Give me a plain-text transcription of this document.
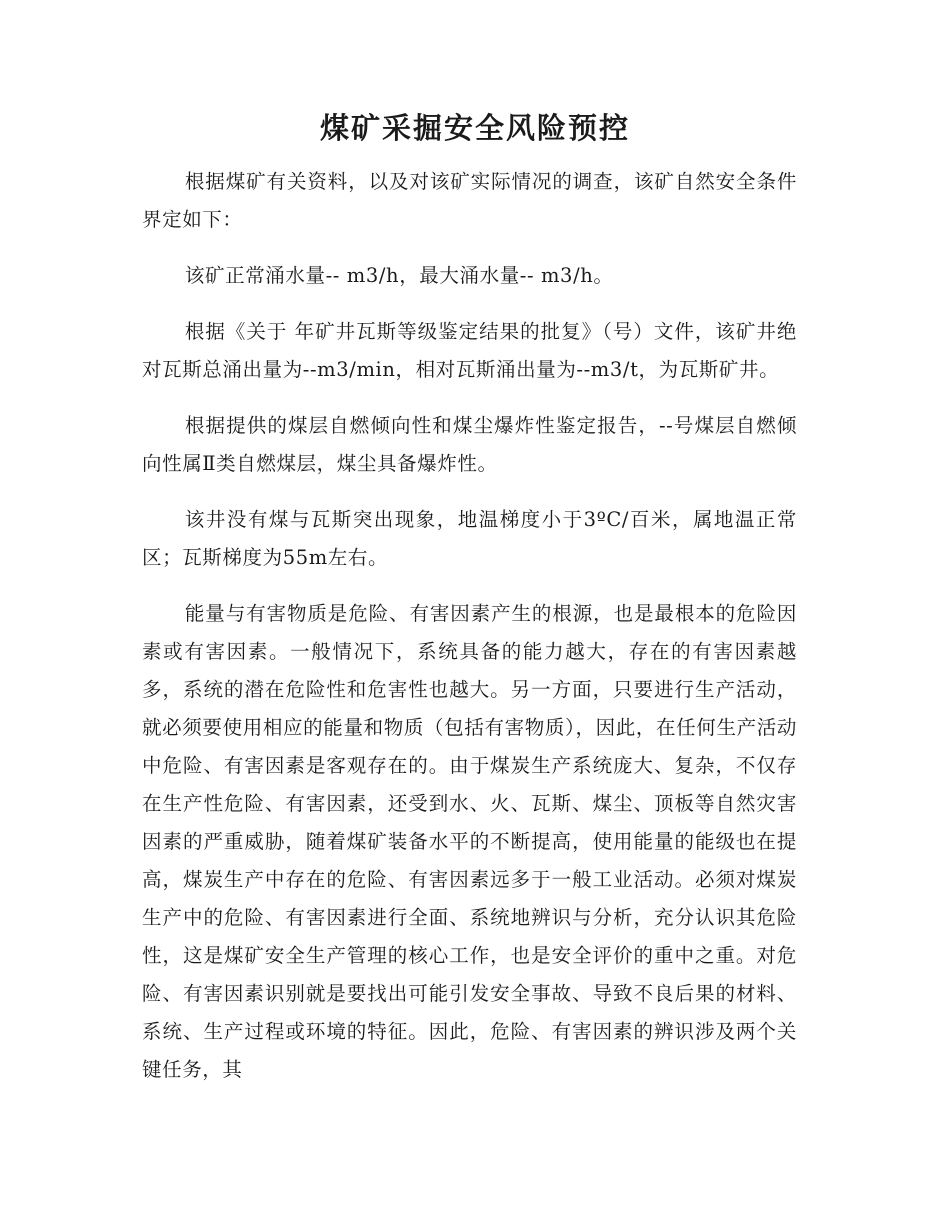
煤矿采掘安全风险预控

根据煤矿有关资料，以及对该矿实际情况的调查，该矿自然安全条件界定如下：

该矿正常涌水量-- m3/h，最大涌水量-- m3/h。

根据《关于 年矿井瓦斯等级鉴定结果的批复》（号）文件，该矿井绝对瓦斯总涌出量为--m3/min，相对瓦斯涌出量为--m3/t，为瓦斯矿井。

根据提供的煤层自燃倾向性和煤尘爆炸性鉴定报告，--号煤层自燃倾向性属Ⅱ类自燃煤层，煤尘具备爆炸性。

该井没有煤与瓦斯突出现象，地温梯度小于3ºC/百米，属地温正常区；瓦斯梯度为55m左右。

能量与有害物质是危险、有害因素产生的根源，也是最根本的危险因素或有害因素。一般情况下，系统具备的能力越大，存在的有害因素越多，系统的潜在危险性和危害性也越大。另一方面，只要进行生产活动，就必须要使用相应的能量和物质（包括有害物质），因此，在任何生产活动中危险、有害因素是客观存在的。由于煤炭生产系统庞大、复杂，不仅存在生产性危险、有害因素，还受到水、火、瓦斯、煤尘、顶板等自然灾害因素的严重威胁，随着煤矿装备水平的不断提高，使用能量的能级也在提高，煤炭生产中存在的危险、有害因素远多于一般工业活动。必须对煤炭生产中的危险、有害因素进行全面、系统地辨识与分析，充分认识其危险性，这是煤矿安全生产管理的核心工作，也是安全评价的重中之重。对危险、有害因素识别就是要找出可能引发安全事故、导致不良后果的材料、系统、生产过程或环境的特征。因此，危险、有害因素的辨识涉及两个关键任务，其
